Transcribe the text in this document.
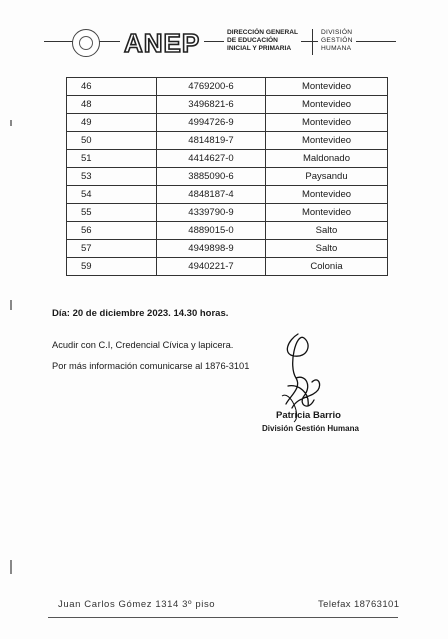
ANEP	DIRECCIÓN GENERAL
DE EDUCACIÓN
INICIAL Y PRIMARIA
DIVISIÓN
GESTIÓN
HUMANA
46	4769200-6	Montevideo
48	3496821-6	Montevideo
49	4994726-9	Montevideo
50	4814819-7	Montevideo
51	4414627-0	Maldonado
53	3885090-6	Paysandu
54	4848187-4	Montevideo
55	4339790-9	Montevideo
56	4889015-0	Salto
57	4949898-9	Salto
59	4940221-7	Colonia
Día: 20 de diciembre 2023. 14.30 horas.
Acudir con C.I, Credencial Cívica y lapicera.
Por más información comunicarse al 1876-3101
Patricia Barrio
División Gestión Humana
Juan Carlos Gómez 1314 3º piso	Telefax 18763101
